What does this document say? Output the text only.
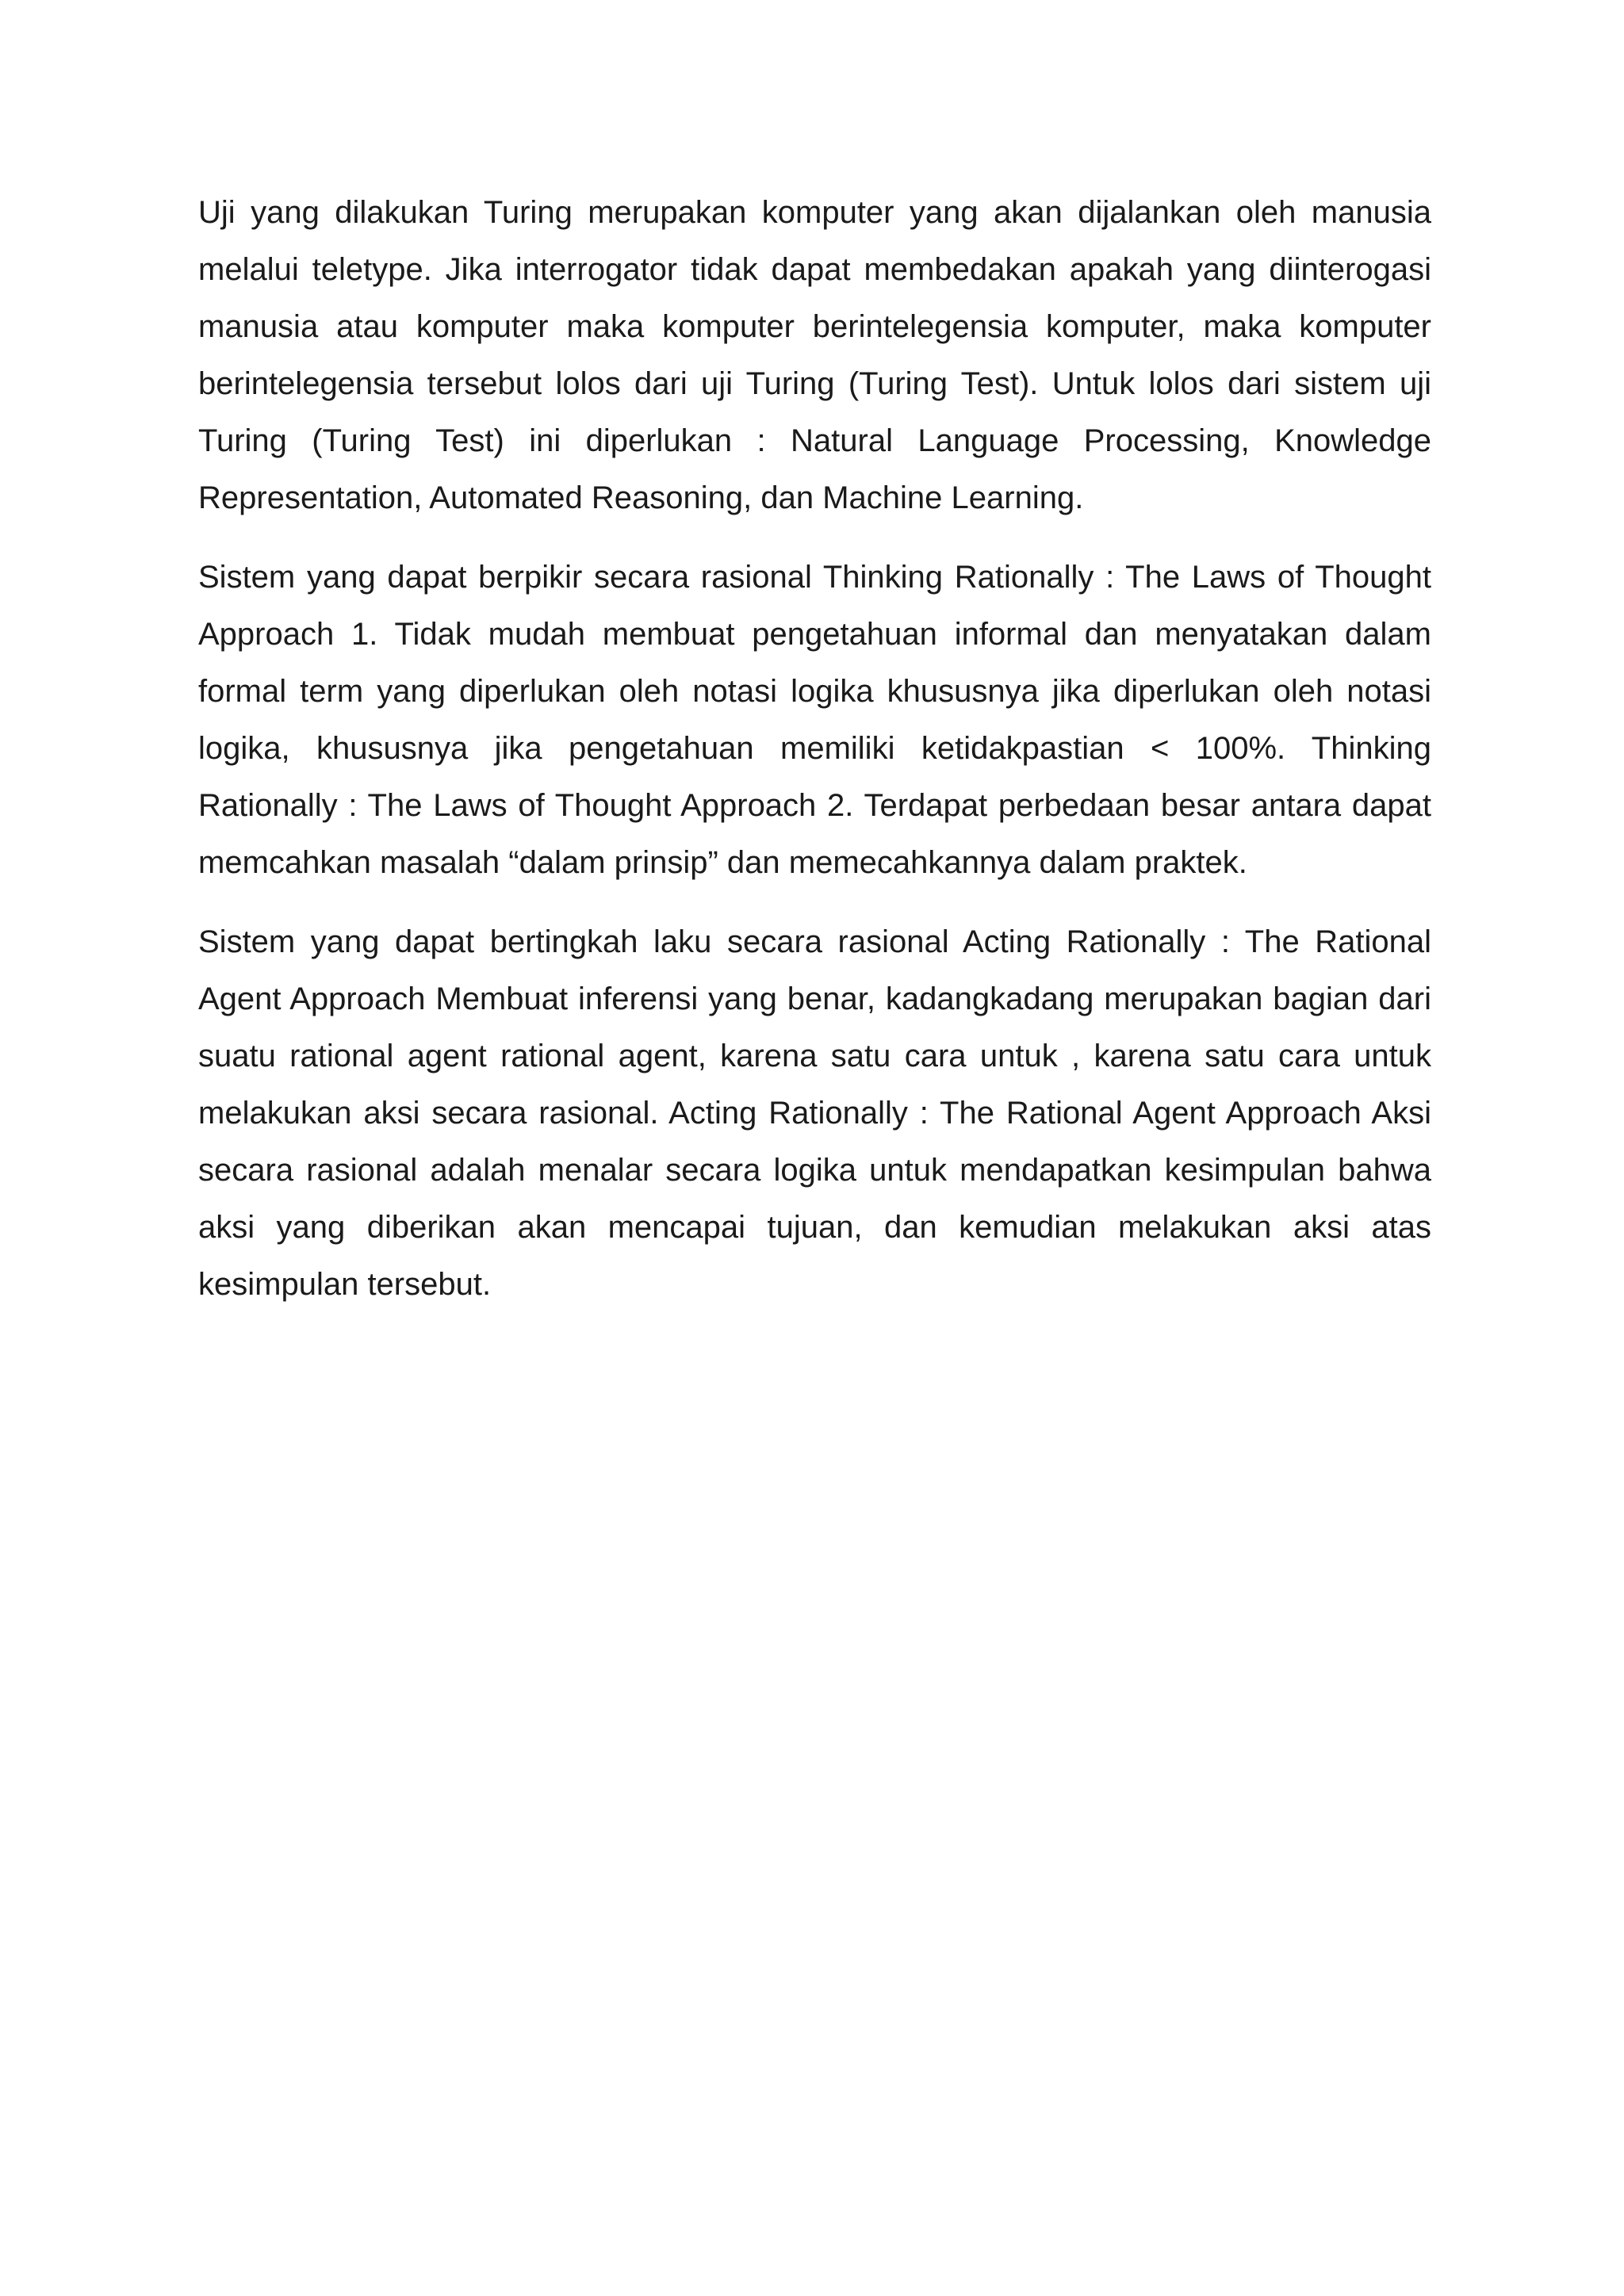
Uji yang dilakukan Turing merupakan komputer yang akan dijalankan oleh manusia melalui teletype. Jika interrogator tidak dapat membedakan apakah yang diinterogasi manusia atau komputer maka komputer berintelegensia komputer, maka komputer berintelegensia tersebut lolos dari uji Turing (Turing Test). Untuk lolos dari sistem uji Turing (Turing Test) ini diperlukan : Natural Language Processing, Knowledge Representation, Automated Reasoning, dan Machine Learning.

Sistem yang dapat berpikir secara rasional Thinking Rationally : The Laws of Thought Approach 1. Tidak mudah membuat pengetahuan informal dan menyatakan dalam formal term yang diperlukan oleh notasi logika khususnya jika diperlukan oleh notasi logika, khususnya jika pengetahuan memiliki ketidakpastian < 100%. Thinking Rationally : The Laws of Thought Approach 2. Terdapat perbedaan besar antara dapat memcahkan masalah “dalam prinsip” dan memecahkannya dalam praktek.

Sistem yang dapat bertingkah laku secara rasional Acting Rationally : The Rational Agent Approach Membuat inferensi yang benar, kadangkadang merupakan bagian dari suatu rational agent rational agent, karena satu cara untuk , karena satu cara untuk melakukan aksi secara rasional. Acting Rationally : The Rational Agent Approach Aksi secara rasional adalah menalar secara logika untuk mendapatkan kesimpulan bahwa aksi yang diberikan akan mencapai tujuan, dan kemudian melakukan aksi atas kesimpulan tersebut.
